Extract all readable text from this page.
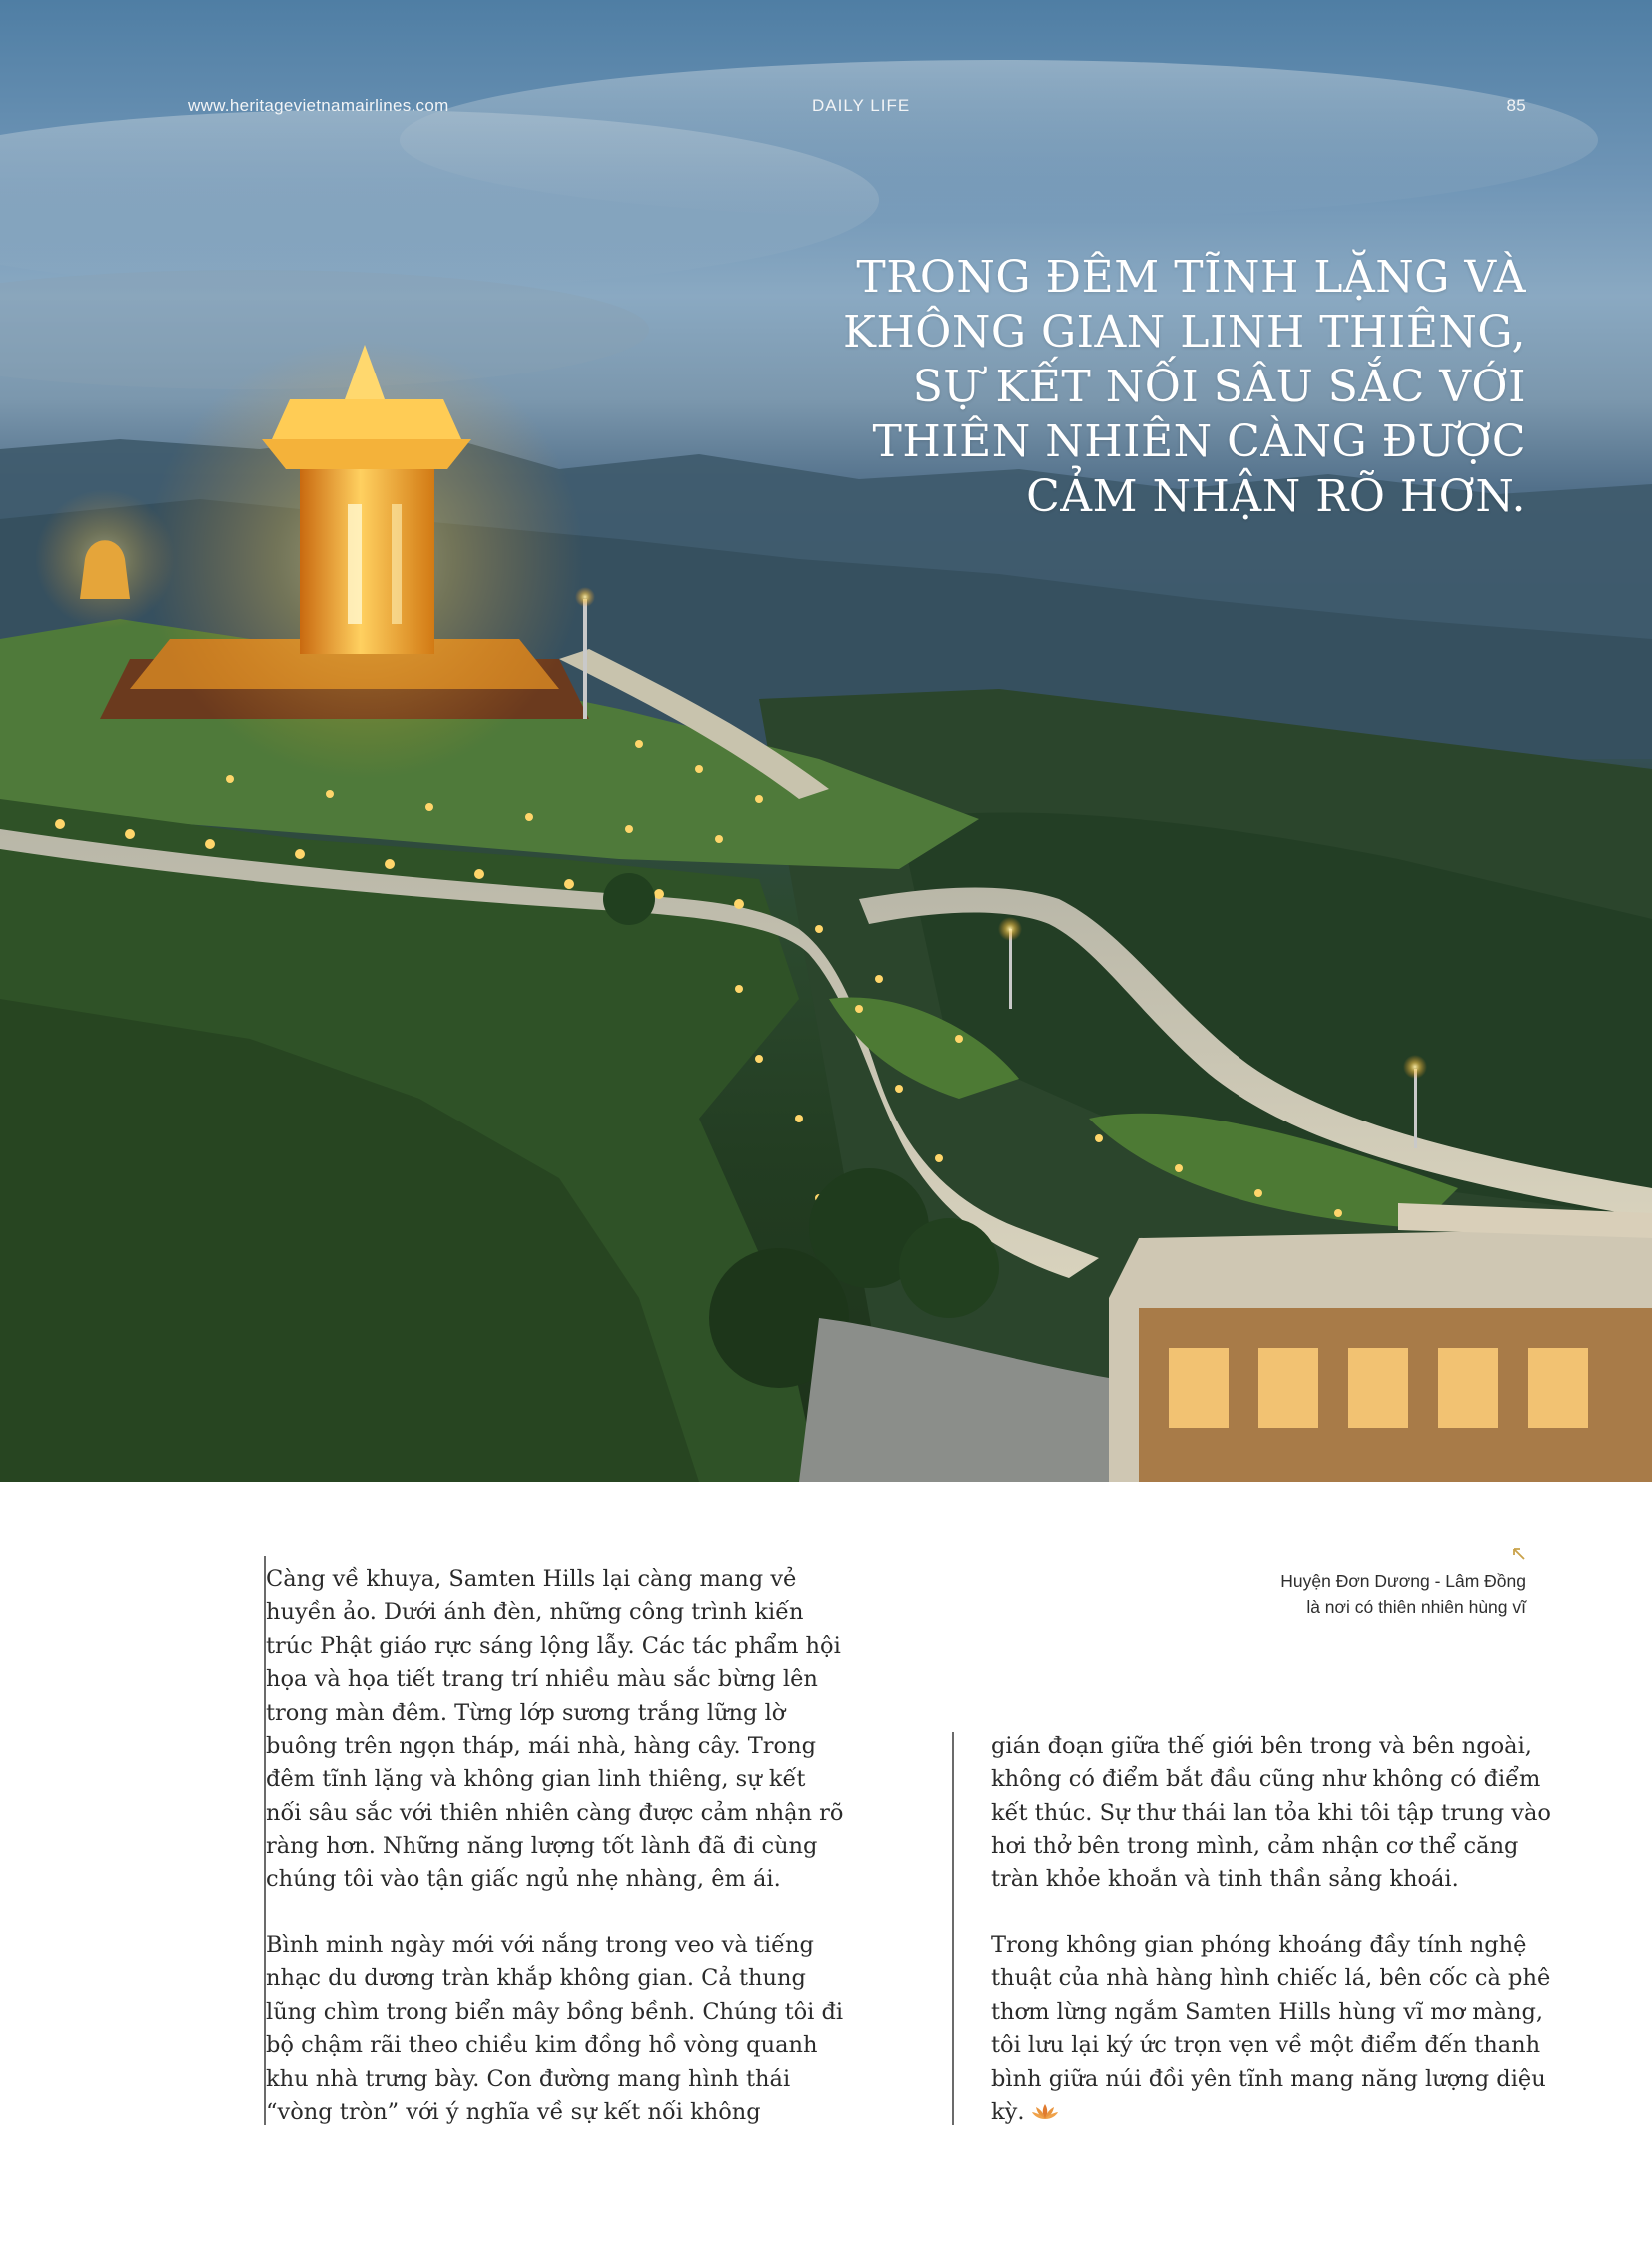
www.heritagevietnamairlines.com	DAILY LIFE	85
TRONG ĐÊM TĨNH LẶNG VÀ
KHÔNG GIAN LINH THIÊNG,
SỰ KẾT NỐI SÂU SẮC VỚI
THIÊN NHIÊN CÀNG ĐƯỢC
CẢM NHẬN RÕ HƠN.

Càng về khuya, Samten Hills lại càng mang vẻ huyền ảo. Dưới ánh đèn, những công trình kiến trúc Phật giáo rực sáng lộng lẫy. Các tác phẩm hội họa và họa tiết trang trí nhiều màu sắc bừng lên trong màn đêm. Từng lớp sương trắng lững lờ buông trên ngọn tháp, mái nhà, hàng cây. Trong đêm tĩnh lặng và không gian linh thiêng, sự kết nối sâu sắc với thiên nhiên càng được cảm nhận rõ ràng hơn. Những năng lượng tốt lành đã đi cùng chúng tôi vào tận giấc ngủ nhẹ nhàng, êm ái.

Bình minh ngày mới với nắng trong veo và tiếng nhạc du dương tràn khắp không gian. Cả thung lũng chìm trong biển mây bồng bềnh. Chúng tôi đi bộ chậm rãi theo chiều kim đồng hồ vòng quanh khu nhà trưng bày. Con đường mang hình thái “vòng tròn” với ý nghĩa về sự kết nối không

gián đoạn giữa thế giới bên trong và bên ngoài, không có điểm bắt đầu cũng như không có điểm kết thúc. Sự thư thái lan tỏa khi tôi tập trung vào hơi thở bên trong mình, cảm nhận cơ thể căng tràn khỏe khoắn và tinh thần sảng khoái.

Trong không gian phóng khoáng đầy tính nghệ thuật của nhà hàng hình chiếc lá, bên cốc cà phê thơm lừng ngắm Samten Hills hùng vĩ mơ màng, tôi lưu lại ký ức trọn vẹn về một điểm đến thanh bình giữa núi đồi yên tĩnh mang năng lượng diệu kỳ.

Huyện Đơn Dương - Lâm Đồng
là nơi có thiên nhiên hùng vĩ
